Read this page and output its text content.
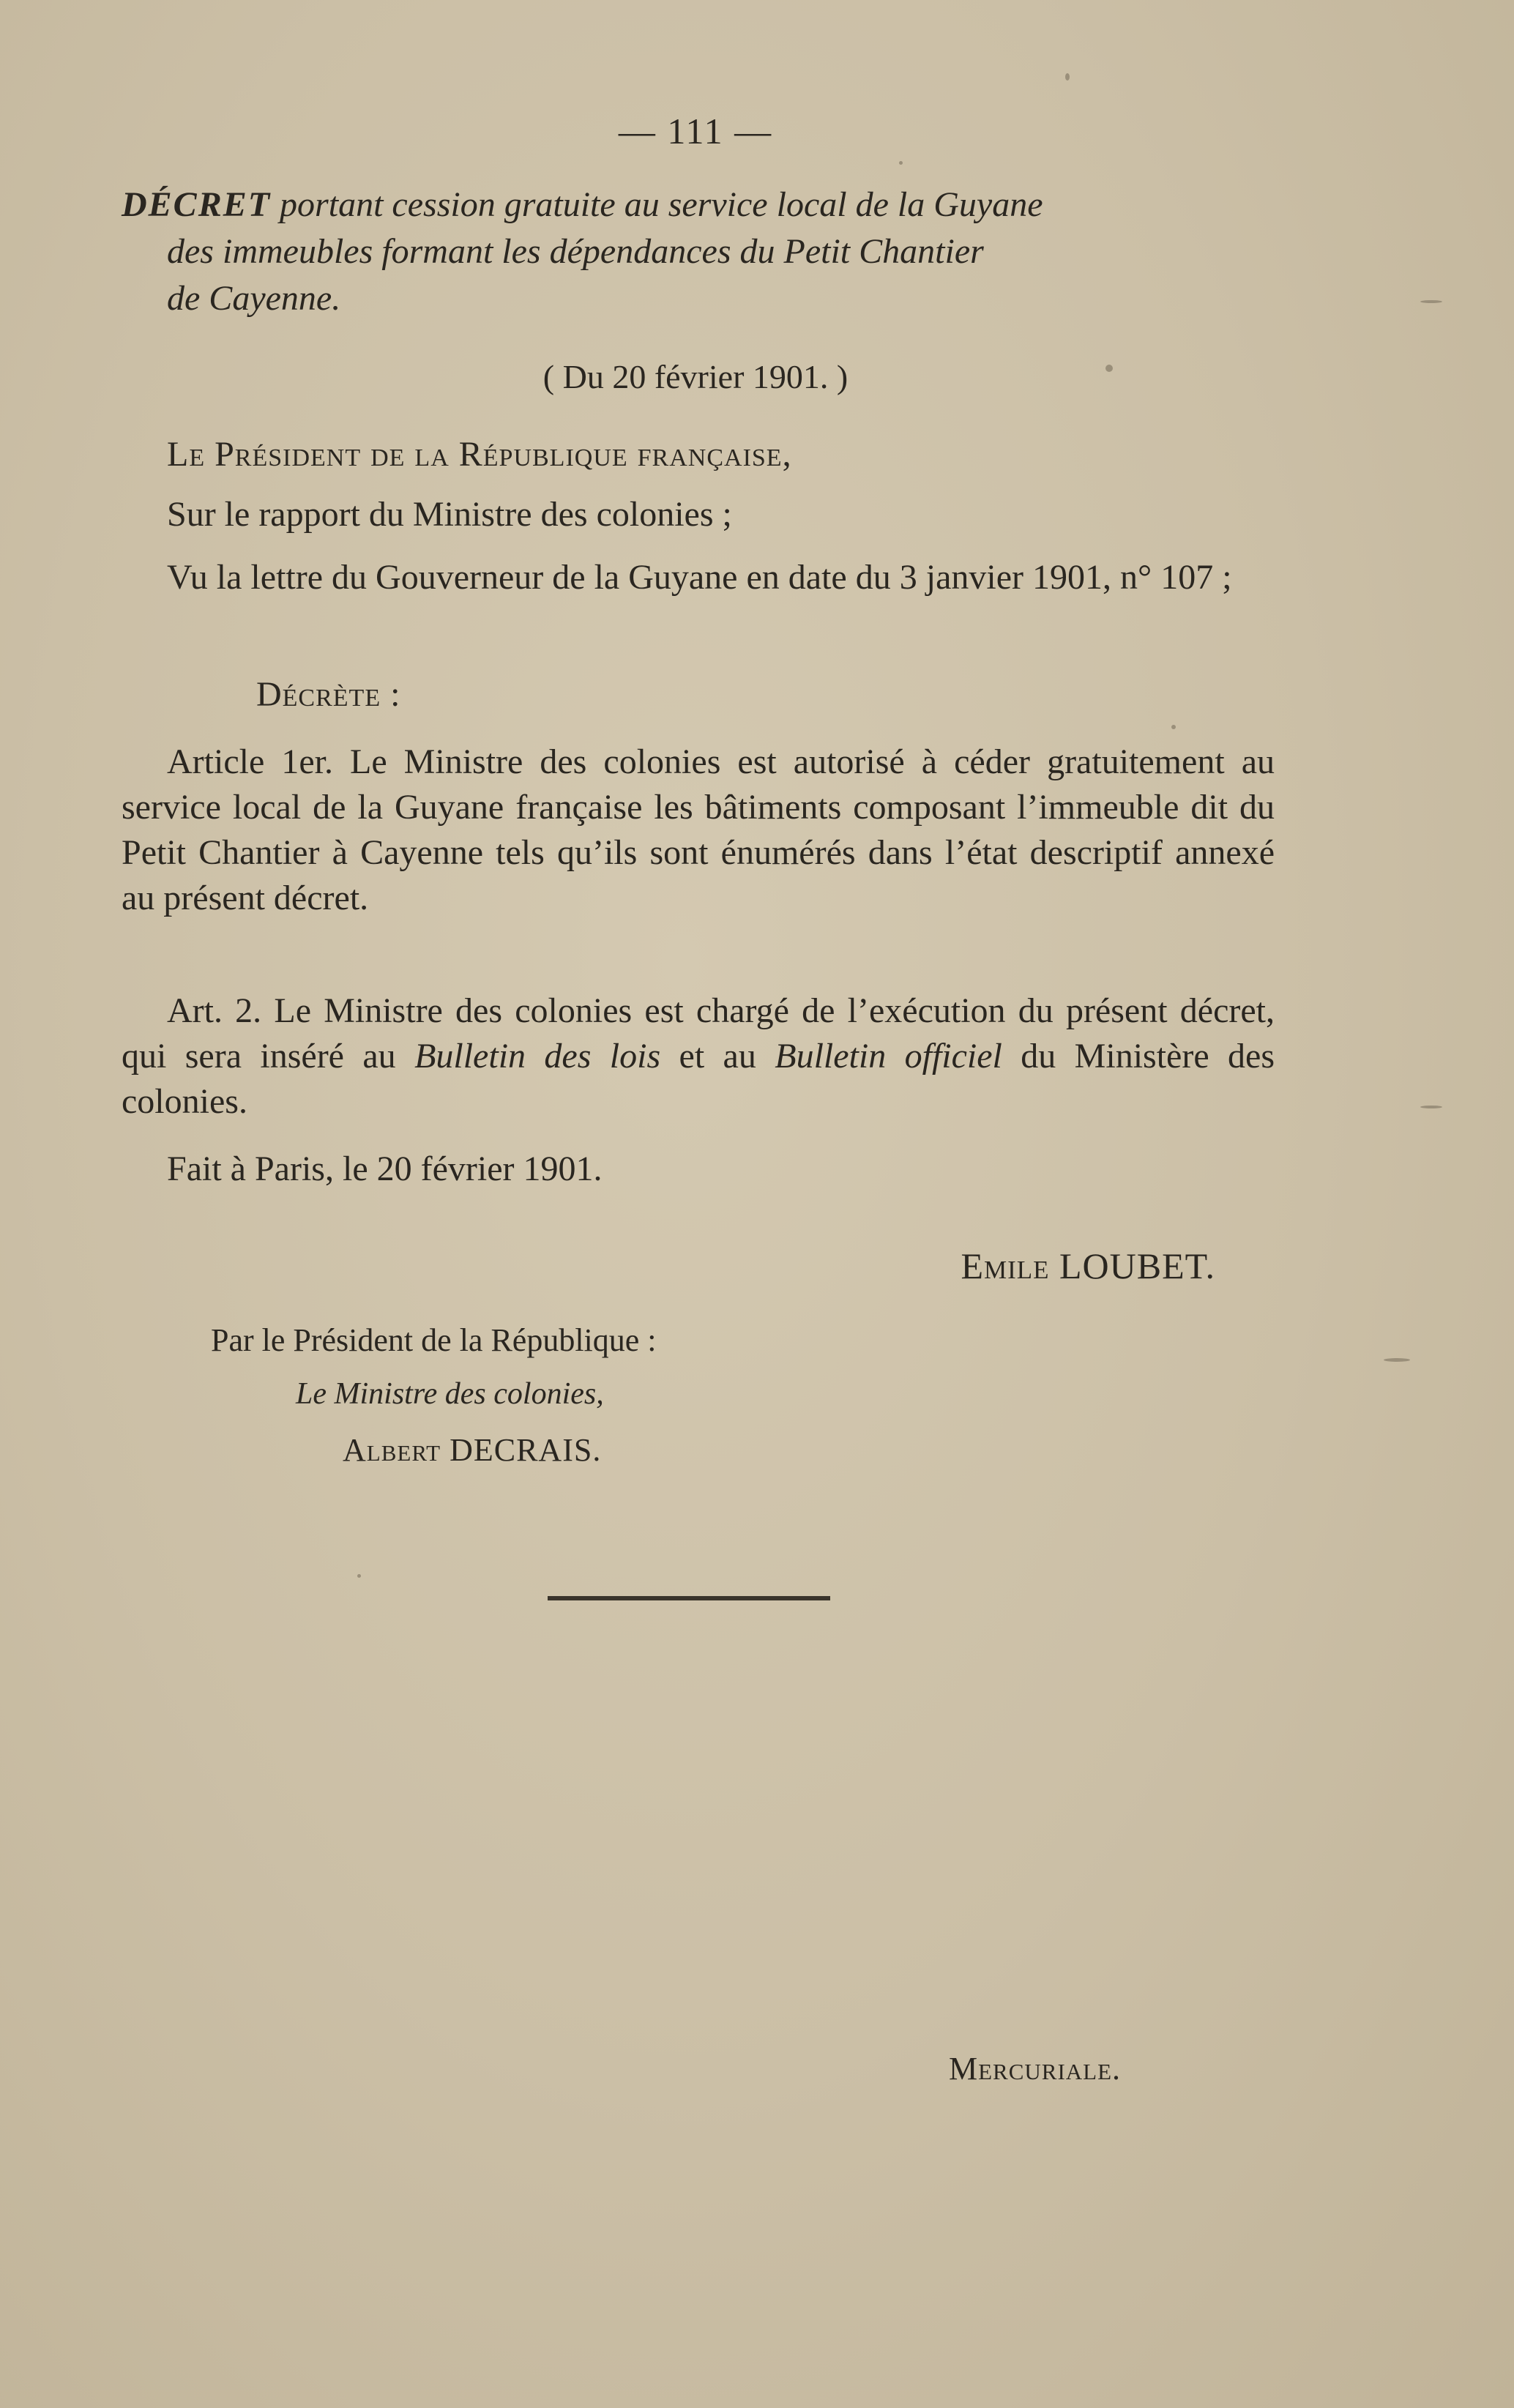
— 111 —
DÉCRET portant cession gratuite au service local de la Guyane
des immeubles formant les dépendances du Petit Chantier
de Cayenne.
( Du 20 février 1901. )
Le Président de la République française,
Sur le rapport du Ministre des colonies ;
Vu la lettre du Gouverneur de la Guyane en date du 3 janvier 1901, n° 107 ;
Décrète :
Article 1er. Le Ministre des colonies est autorisé à céder gratuitement au service local de la Guyane française les bâtiments composant l’immeuble dit du Petit Chantier à Cayenne tels qu’ils sont énumérés dans l’état descriptif annexé au présent décret.
Art. 2. Le Ministre des colonies est chargé de l’exécution du présent décret, qui sera inséré au Bulletin des lois et au Bulletin officiel du Ministère des colonies.
Fait à Paris, le 20 février 1901.
Emile LOUBET.
Par le Président de la République :
Le Ministre des colonies,
Albert DECRAIS.
Mercuriale.
